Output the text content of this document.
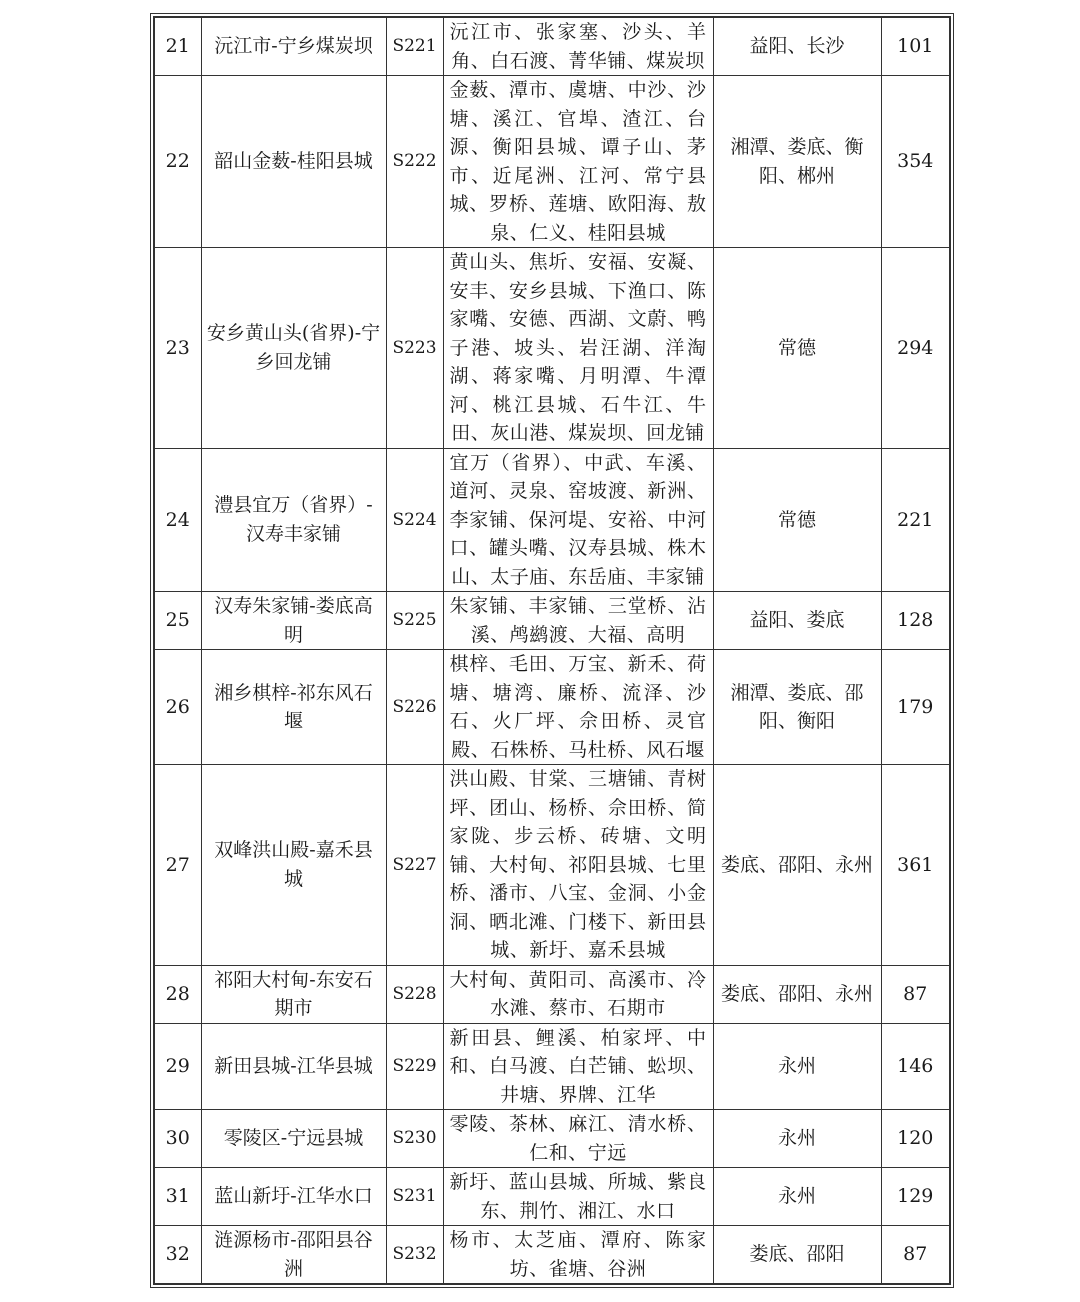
21	沅江市-宁乡煤炭坝	S221	沅江市、张家塞、沙头、羊角、白石渡、菁华铺、煤炭坝	益阳、长沙	101
22	韶山金薮-桂阳县城	S222	金薮、潭市、虞塘、中沙、沙塘、溪江、官埠、渣江、台源、衡阳县城、谭子山、茅市、近尾洲、江河、常宁县城、罗桥、莲塘、欧阳海、敖泉、仁义、桂阳县城	湘潭、娄底、衡阳、郴州	354
23	安乡黄山头(省界)-宁乡回龙铺	S223	黄山头、焦圻、安福、安凝、安丰、安乡县城、下渔口、陈家嘴、安德、西湖、文蔚、鸭子港、坡头、岩汪湖、洋淘湖、蒋家嘴、月明潭、牛潭河、桃江县城、石牛江、牛田、灰山港、煤炭坝、回龙铺	常德	294
24	澧县宜万（省界）-汉寿丰家铺	S224	宜万（省界）、中武、车溪、道河、灵泉、窑坡渡、新洲、李家铺、保河堤、安裕、中河口、罐头嘴、汉寿县城、株木山、太子庙、东岳庙、丰家铺	常德	221
25	汉寿朱家铺-娄底高明	S225	朱家铺、丰家铺、三堂桥、沾溪、鸬鹚渡、大福、高明	益阳、娄底	128
26	湘乡棋梓-祁东风石堰	S226	棋梓、毛田、万宝、新禾、荷塘、塘湾、廉桥、流泽、沙石、火厂坪、佘田桥、灵官殿、石株桥、马杜桥、风石堰	湘潭、娄底、邵阳、衡阳	179
27	双峰洪山殿-嘉禾县城	S227	洪山殿、甘棠、三塘铺、青树坪、团山、杨桥、佘田桥、简家陇、步云桥、砖塘、文明铺、大村甸、祁阳县城、七里桥、潘市、八宝、金洞、小金洞、晒北滩、门楼下、新田县城、新圩、嘉禾县城	娄底、邵阳、永州	361
28	祁阳大村甸-东安石期市	S228	大村甸、黄阳司、高溪市、冷水滩、蔡市、石期市	娄底、邵阳、永州	87
29	新田县城-江华县城	S229	新田县、鲤溪、柏家坪、中和、白马渡、白芒铺、蚣坝、井塘、界牌、江华	永州	146
30	零陵区-宁远县城	S230	零陵、茶林、麻江、清水桥、仁和、宁远	永州	120
31	蓝山新圩-江华水口	S231	新圩、蓝山县城、所城、紫良东、荆竹、湘江、水口	永州	129
32	涟源杨市-邵阳县谷洲	S232	杨市、太芝庙、潭府、陈家坊、雀塘、谷洲	娄底、邵阳	87
